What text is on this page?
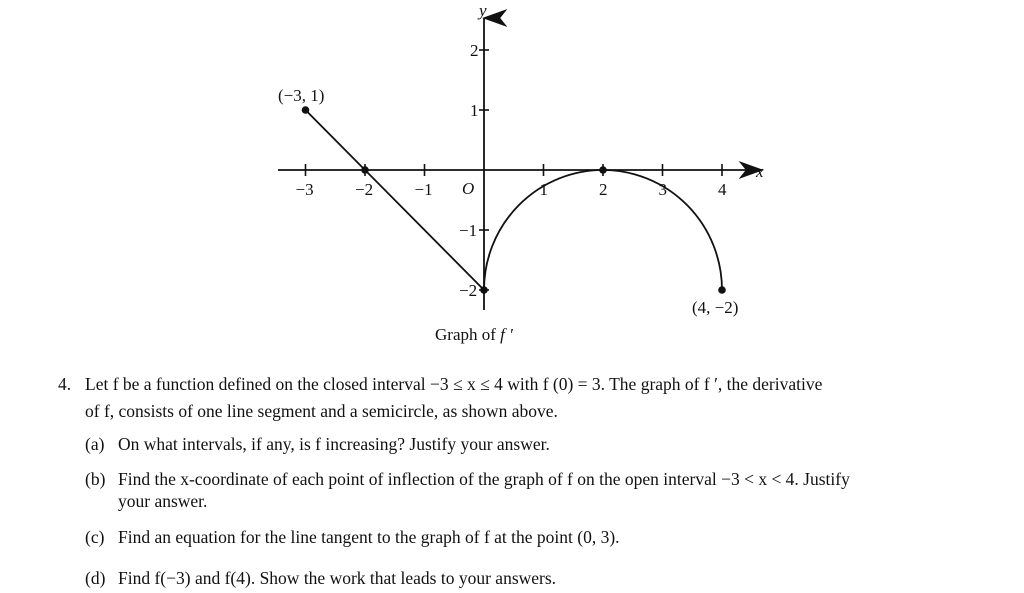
y
x
O
−3 −2 −1	1	2	3	4
2
1
−1
−2
(−3, 1)
(4, −2)
Graph of f ′
4. Let f be a function defined on the closed interval −3 ≤ x ≤ 4 with f (0) = 3. The graph of f ′, the derivative
of f, consists of one line segment and a semicircle, as shown above.
(a) On what intervals, if any, is f increasing? Justify your answer.
(b) Find the x-coordinate of each point of inflection of the graph of f on the open interval −3 < x < 4. Justify
your answer.
(c) Find an equation for the line tangent to the graph of f at the point (0, 3).
(d) Find f(−3) and f(4). Show the work that leads to your answers.
